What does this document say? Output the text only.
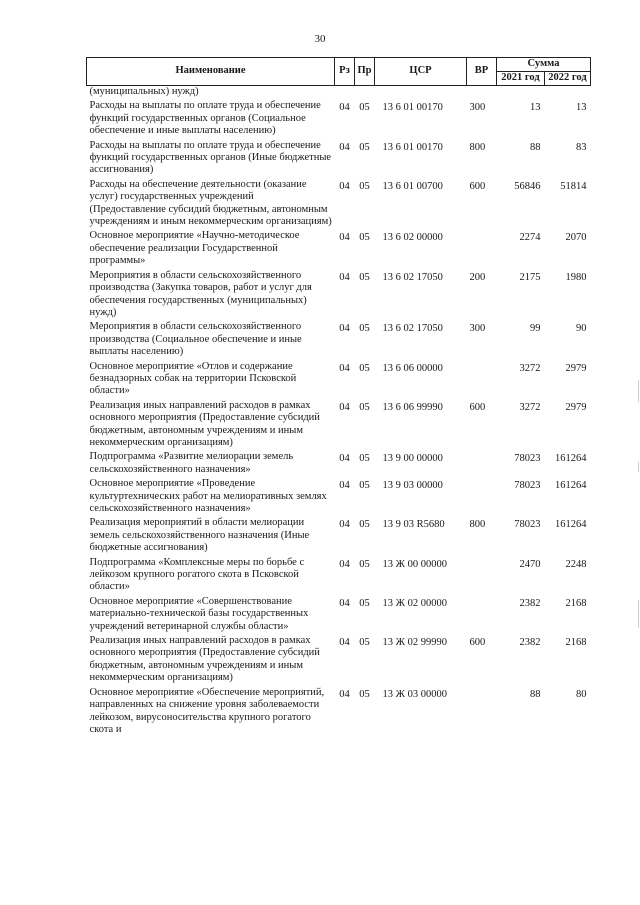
30
Наименование	Рз	Пр	ЦСР	ВР	Сумма	
					2021 год	2022 год
(муниципальных) нужд)						
Расходы на выплаты по оплате труда и обеспечение функций государственных органов (Социальное обеспечение и иные выплаты населению)	04	05	13 6 01 00170	300	13	13
Расходы на выплаты по оплате труда и обеспечение функций государственных органов (Иные бюджетные ассигнования)	04	05	13 6 01 00170	800	88	83
Расходы на обеспечение деятельности (оказание услуг) государственных учреждений (Предоставление субсидий бюджетным, автономным учреждениям и иным некоммерческим организациям)	04	05	13 6 01 00700	600	56846	51814
Основное мероприятие «Научно-методическое обеспечение реализации Государственной программы»	04	05	13 6 02 00000		2274	2070
Мероприятия в области сельскохозяйственного производства (Закупка товаров, работ и услуг для обеспечения государственных (муниципальных) нужд)	04	05	13 6 02 17050	200	2175	1980
Мероприятия в области сельскохозяйственного производства (Социальное обеспечение и иные выплаты населению)	04	05	13 6 02 17050	300	99	90
Основное мероприятие «Отлов и содержание безнадзорных собак на территории Псковской области»	04	05	13 6 06 00000		3272	2979
Реализация иных направлений расходов в рамках основного мероприятия (Предоставление субсидий бюджетным, автономным учреждениям и иным некоммерческим организациям)	04	05	13 6 06 99990	600	3272	2979
Подпрограмма «Развитие мелиорации земель сельскохозяйственного назначения»	04	05	13 9 00 00000		78023	161264
Основное мероприятие «Проведение культуртехнических работ на мелиоративных землях сельскохозяйственного назначения»	04	05	13 9 03 00000		78023	161264
Реализация мероприятий в области мелиорации земель сельскохозяйственного назначения (Иные бюджетные ассигнования)	04	05	13 9 03 R5680	800	78023	161264
Подпрограмма «Комплексные меры по борьбе с лейкозом крупного рогатого скота в Псковской области»	04	05	13 Ж 00 00000		2470	2248
Основное мероприятие «Совершенствование материально-технической базы государственных учреждений ветеринарной службы области»	04	05	13 Ж 02 00000		2382	2168
Реализация иных направлений расходов в рамках основного мероприятия (Предоставление субсидий бюджетным, автономным учреждениям и иным некоммерческим организациям)	04	05	13 Ж 02 99990	600	2382	2168
Основное мероприятие «Обеспечение мероприятий, направленных на снижение уровня заболеваемости лейкозом, вирусоносительства крупного рогатого скота и	04	05	13 Ж 03 00000		88	80
